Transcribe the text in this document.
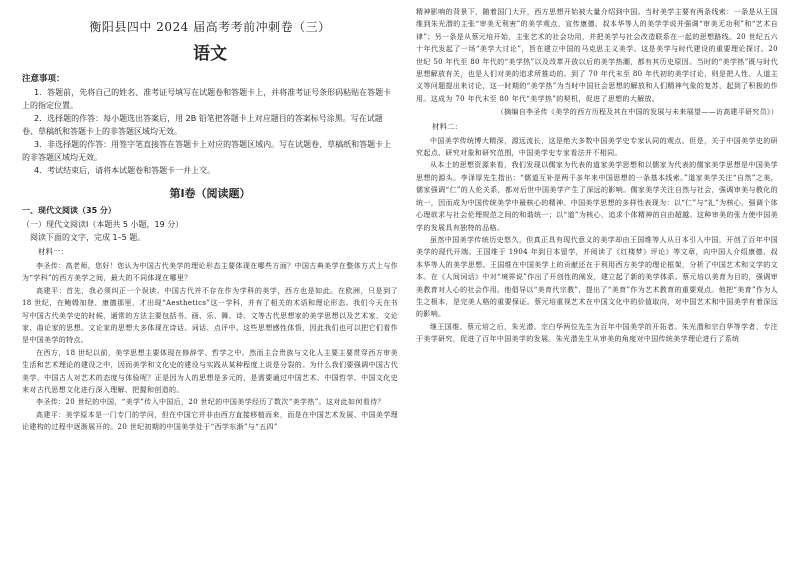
衡阳县四中 2024 届高考考前冲刺卷（三）
语文
注意事项：

1．答题前，先将自己的姓名、准考证号填写在试题卷和答题卡上，并将准考证号条形码粘贴在答题卡上的指定位置。

2．选择题的作答：每小题选出答案后，用 2B 铅笔把答题卡上对应题目的答案标号涂黑。写在试题卷、草稿纸和答题卡上的非答题区域均无效。

3．非选择题的作答：用签字笔直接答在答题卡上对应的答题区域内。写在试题卷、草稿纸和答题卡上的非答题区域均无效。

4．考试结束后，请将本试题卷和答题卡一并上交。

第Ⅰ卷（阅读题）
一、现代文阅读（35 分）
（一）现代文阅读Ⅰ（本题共 5 小题，19 分）
阅读下面的文字，完成 1–5 题。
材料一：

李圣传：高老师，您好！您认为中国古代美学的理论形态主要体现在哪些方面？中国古典美学在整体方式上与作为“学科”的西方美学之间，最大的不同体现在哪里？

高建平：首先，我必须纠正一个误读。中国古代并不存在作为学科的美学，西方也是如此。在欧洲，只是到了 18 世纪，在鲍姆加登、康德那里，才出现“Aesthetics”这一学科，并有了相关的术语和理论形态。我们今天在书写中国古代美学史的时候，通常的方法主要包括书、画、乐、舞、诗、文等古代思想家的美学思想以及艺术家、文论家、曲论家的思想。文论家的思想大多体现在诗话、词话、点评中。这些思想感性体悟，因此我们也可以把它们看作是中国美学的特点。

在西方，18 世纪以前，美学思想主要体现在修辞学、哲学之中。然而主合贵族与文化人主要主要贯穿西方审美生活和艺术理论的建设之中，因而美学和文化史的建设与实践从某种程度上说是分裂的。为什么我们要强调中国古代美学、中国古人对艺术的态度与体验呢？正是因为人的思想是多元的，是需要通过中国艺术、中国哲学、中国文化史来对古代思想文化进行深入理解、把握和创造的。

李圣传：20 世纪的中国，“美学”传入中国后，20 世纪的中国美学经历了数次“美学热”。这对此如何看待？

高建平：美学原本是一门专门的学问，但在中国它并非由西方直接移植而来，而是在中国艺术发展、中国美学理论建构的过程中逐渐展开的。20 世纪初期的中国美学处于“西学东渐”与“五四”

精神影响的背景下，随着国门大开，西方思想开始被大量介绍到中国。当时美学主要有两条线索：一条是从王国维到朱光潜的主张“审美无利害”的美学观点，宣传康德、叔本华等人的美学学说并强调“审美无功利”和“艺术自律”；另一条是从蔡元培开始，主张艺术的社会功用，并把美学与社会改造联系在一起的思想路线。20 世纪五六十年代发起了一场“美学大讨论”，旨在建立中国的马克思主义美学。这是美学与时代建设的重要理论探讨。20 世纪 50 年代至 80 年代的“美学热”以及改革开放以后的美学热潮，都有其历史原因。当时的“美学热”既与时代思想解放有关，也是人们对美的追求所推动的。到了 70 年代末至 80 年代初的美学讨论，则是把人性、人道主义等问题提出来讨论，这一时期的“美学热”为当时中国社会思想的解放和人们精神气象的复苏，起到了积极的作用。这成为 70 年代末至 80 年代“美学热”的契机，促进了思想的大解放。

（摘编自李圣传《美学的西方历程及其在中国的发展与未来展望——访高建平研究员》）

材料二：

中国美学传统博大精深，源远流长，这是绝大多数中国美学史专家认同的观点。但是，关于中国美学史的研究起点、研究对象和研究范围，中国美学史专家看法并不相同。

从本土的思想资源来看，我们发现以儒家为代表的道家美学思想和以儒家为代表的儒家美学思想是中国美学思想的源头。李泽厚先生指出：“儒道互补是两千多年来中国思想的一条基本线索。”道家美学关注“自然”之美，儒家强调“仁”的人伦关系，都对后世中国美学产生了深远的影响。儒家美学关注自然与社会，强调审美与教化的统一，因而成为中国传统美学中最核心的精神。中国美学思想的多样性表现为：以“仁”与“礼”为核心，强调个体心理欲求与社会伦理规范之间的和谐统一；以“道”为核心，追求个体精神的自由超越。这种审美的张力使中国美学的发展具有独特的品格。

虽然中国美学传统历史悠久，但真正具有现代意义的美学却由王国维等人从日本引入中国，开创了百年中国美学的现代开端。王国维于 1904 年到日本留学，并阅读了《红楼梦》评论》等文章，向中国人介绍康德、叔本华等人的美学思想。王国维在中国美学上的贡献还在于利用西方美学的理论框架，分析了中国艺术和文学的文本。在《人间词话》中对“境界说”作出了开创性的阐发，建立起了新的美学体系。蔡元培以美育为目的，强调审美教育对人心的社会作用。他倡导以“美育代宗教”，提出了“美育”作为艺术教育的重要观点。他把“美育”作为人生之根本，是完美人格的重要保证。蔡元培重视艺术在中国文化中的价值取向，对中国艺术和中国美学有着深远的影响。

继王国维、蔡元培之后，朱光潜、宗白华两位先生为百年中国美学的开拓者。朱光潜和宗白华等学者，专注于美学研究，促进了百年中国美学的发展。朱光潜先生从审美的角度对中国传统美学理论进行了系统
